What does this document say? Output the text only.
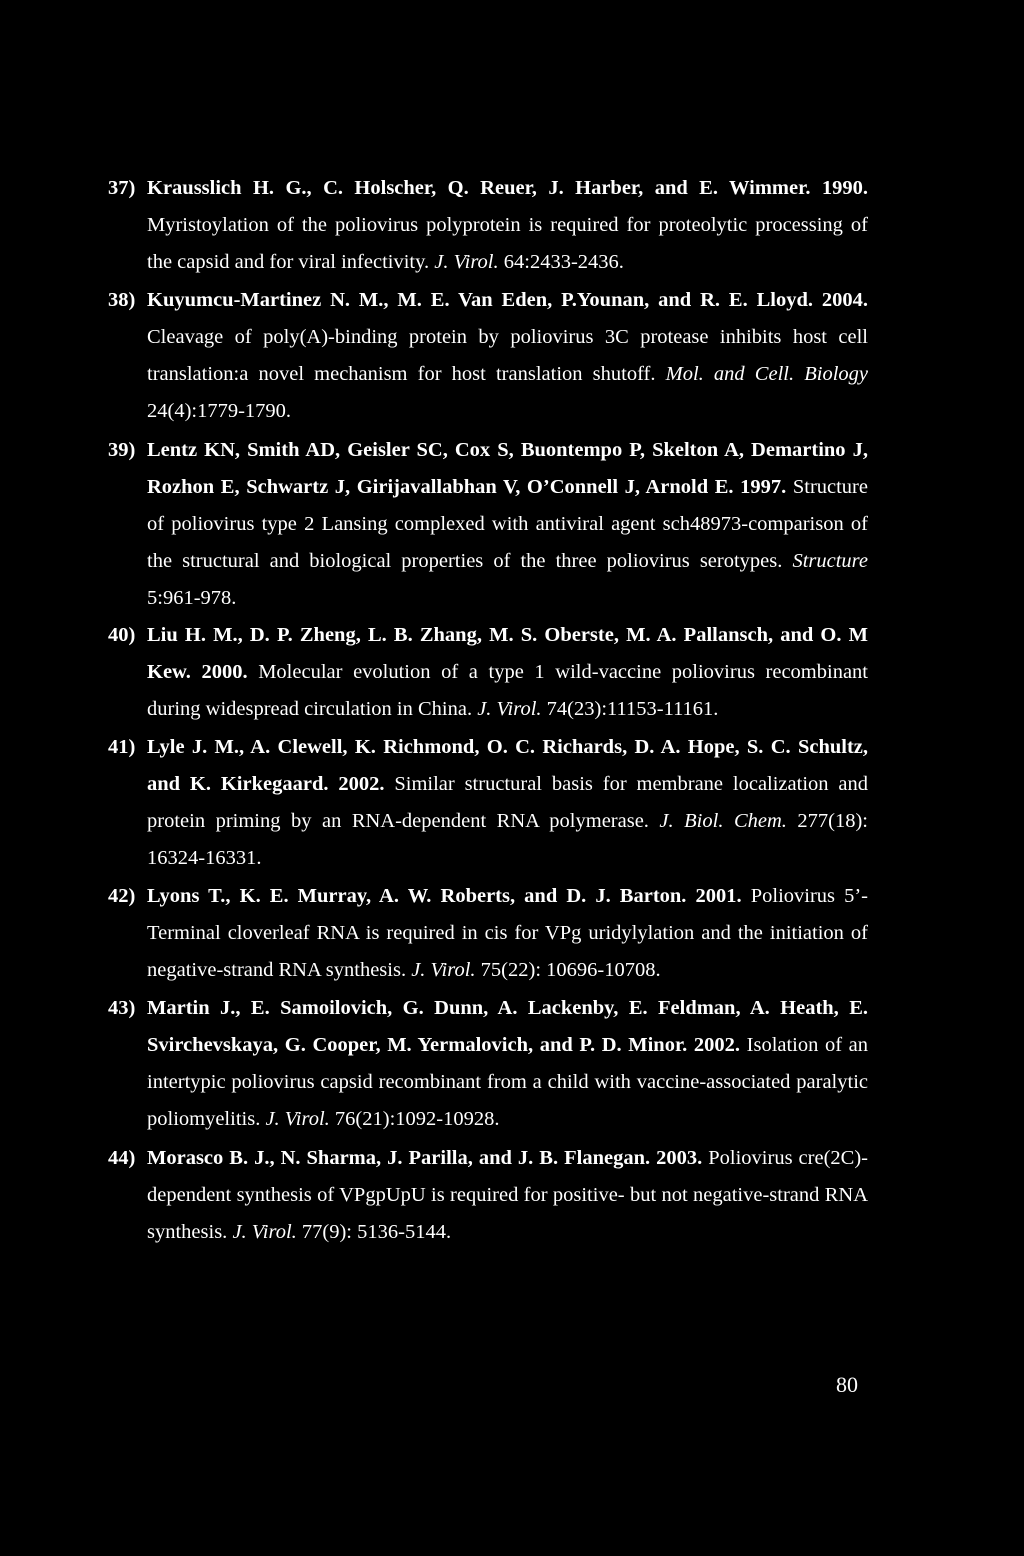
37) Krausslich H. G., C. Holscher, Q. Reuer, J. Harber, and E. Wimmer. 1990. Myristoylation of the poliovirus polyprotein is required for proteolytic processing of the capsid and for viral infectivity. J. Virol. 64:2433-2436.
38) Kuyumcu-Martinez N. M., M. E. Van Eden, P.Younan, and R. E. Lloyd. 2004. Cleavage of poly(A)-binding protein by poliovirus 3C protease inhibits host cell translation:a novel mechanism for host translation shutoff. Mol. and Cell. Biology 24(4):1779-1790.
39) Lentz KN, Smith AD, Geisler SC, Cox S, Buontempo P, Skelton A, Demartino J, Rozhon E, Schwartz J, Girijavallabhan V, O’Connell J, Arnold E. 1997. Structure of poliovirus type 2 Lansing complexed with antiviral agent sch48973-comparison of the structural and biological properties of the three poliovirus serotypes. Structure 5:961-978.
40) Liu H. M., D. P. Zheng, L. B. Zhang, M. S. Oberste, M. A. Pallansch, and O. M Kew. 2000. Molecular evolution of a type 1 wild-vaccine poliovirus recombinant during widespread circulation in China. J. Virol. 74(23):11153-11161.
41) Lyle J. M., A. Clewell, K. Richmond, O. C. Richards, D. A. Hope, S. C. Schultz, and K. Kirkegaard. 2002. Similar structural basis for membrane localization and protein priming by an RNA-dependent RNA polymerase. J. Biol. Chem. 277(18): 16324-16331.
42) Lyons T., K. E. Murray, A. W. Roberts, and D. J. Barton. 2001. Poliovirus 5’-Terminal cloverleaf RNA is required in cis for VPg uridylylation and the initiation of negative-strand RNA synthesis. J. Virol. 75(22): 10696-10708.
43) Martin J., E. Samoilovich, G. Dunn, A. Lackenby, E. Feldman, A. Heath, E. Svirchevskaya, G. Cooper, M. Yermalovich, and P. D. Minor. 2002. Isolation of an intertypic poliovirus capsid recombinant from a child with vaccine-associated paralytic poliomyelitis. J. Virol. 76(21):1092-10928.
44) Morasco B. J., N. Sharma, J. Parilla, and J. B. Flanegan. 2003. Poliovirus cre(2C)-dependent synthesis of VPgpUpU is required for positive- but not negative-strand RNA synthesis. J. Virol. 77(9): 5136-5144.
80
